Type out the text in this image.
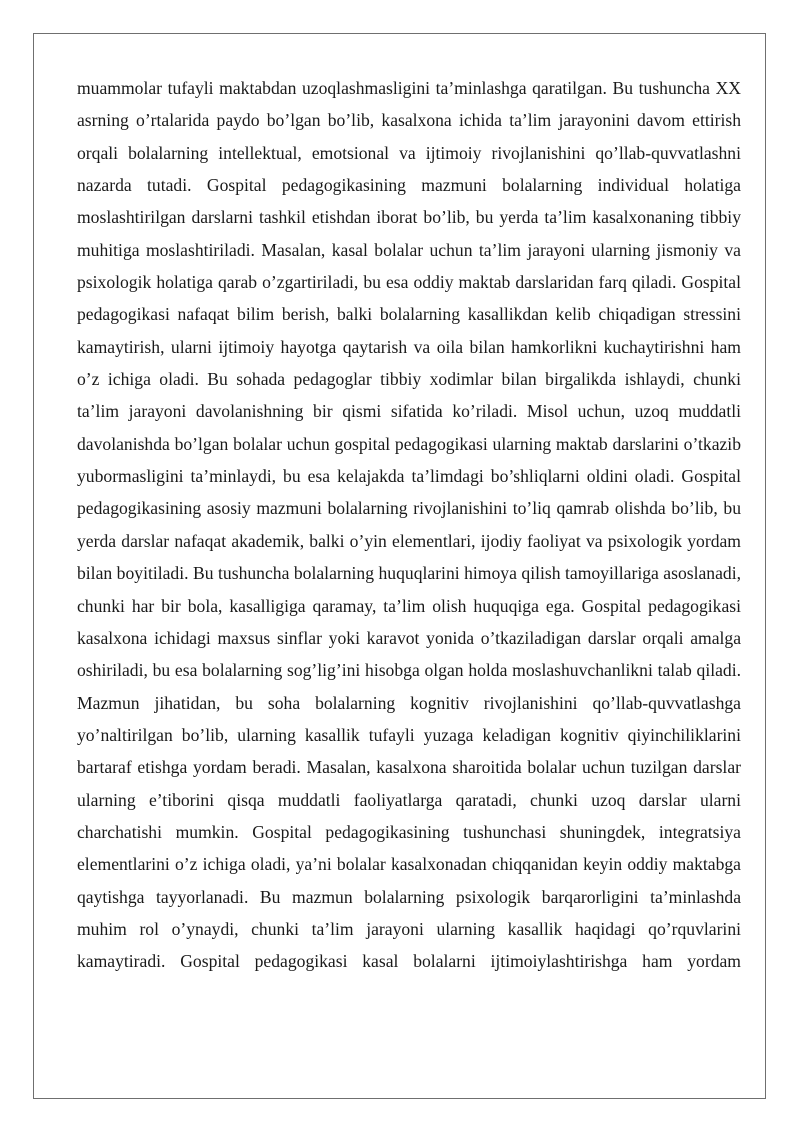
muammolar tufayli maktabdan uzoqlashmasligini ta’minlashga qaratilgan. Bu tushuncha XX asrning o’rtalarida paydo bo’lgan bo’lib, kasalxona ichida ta’lim jarayonini davom ettirish orqali bolalarning intellektual, emotsional va ijtimoiy rivojlanishini qo’llab-quvvatlashni nazarda tutadi. Gospital pedagogikasining mazmuni bolalarning individual holatiga moslashtirilgan darslarni tashkil etishdan iborat bo’lib, bu yerda ta’lim kasalxonaning tibbiy muhitiga moslashtiriladi. Masalan, kasal bolalar uchun ta’lim jarayoni ularning jismoniy va psixologik holatiga qarab o’zgartiriladi, bu esa oddiy maktab darslaridan farq qiladi. Gospital pedagogikasi nafaqat bilim berish, balki bolalarning kasallikdan kelib chiqadigan stressini kamaytirish, ularni ijtimoiy hayotga qaytarish va oila bilan hamkorlikni kuchaytirishni ham o’z ichiga oladi. Bu sohada pedagoglar tibbiy xodimlar bilan birgalikda ishlaydi, chunki ta’lim jarayoni davolanishning bir qismi sifatida ko’riladi. Misol uchun, uzoq muddatli davolanishda bo’lgan bolalar uchun gospital pedagogikasi ularning maktab darslarini o’tkazib yubormasligini ta’minlaydi, bu esa kelajakda ta’limdagi bo’shliqlarni oldini oladi. Gospital pedagogikasining asosiy mazmuni bolalarning rivojlanishini to’liq qamrab olishda bo’lib, bu yerda darslar nafaqat akademik, balki o’yin elementlari, ijodiy faoliyat va psixologik yordam bilan boyitiladi. Bu tushuncha bolalarning huquqlarini himoya qilish tamoyillariga asoslanadi, chunki har bir bola, kasalligiga qaramay, ta’lim olish huquqiga ega. Gospital pedagogikasi kasalxona ichidagi maxsus sinflar yoki karavot yonida o’tkaziladigan darslar orqali amalga oshiriladi, bu esa bolalarning sog’lig’ini hisobga olgan holda moslashuvchanlikni talab qiladi. Mazmun jihatidan, bu soha bolalarning kognitiv rivojlanishini qo’llab-quvvatlashga yo’naltirilgan bo’lib, ularning kasallik tufayli yuzaga keladigan kognitiv qiyinchiliklarini bartaraf etishga yordam beradi. Masalan, kasalxona sharoitida bolalar uchun tuzilgan darslar ularning e’tiborini qisqa muddatli faoliyatlarga qaratadi, chunki uzoq darslar ularni charchatishi mumkin. Gospital pedagogikasining tushunchasi shuningdek, integratsiya elementlarini o’z ichiga oladi, ya’ni bolalar kasalxonadan chiqqanidan keyin oddiy maktabga qaytishga tayyorlanadi. Bu mazmun bolalarning psixologik barqarorligini ta’minlashda muhim rol o’ynaydi, chunki ta’lim jarayoni ularning kasallik haqidagi qo’rquvlarini kamaytiradi. Gospital pedagogikasi kasal bolalarni ijtimoiylashtirishga ham yordam
